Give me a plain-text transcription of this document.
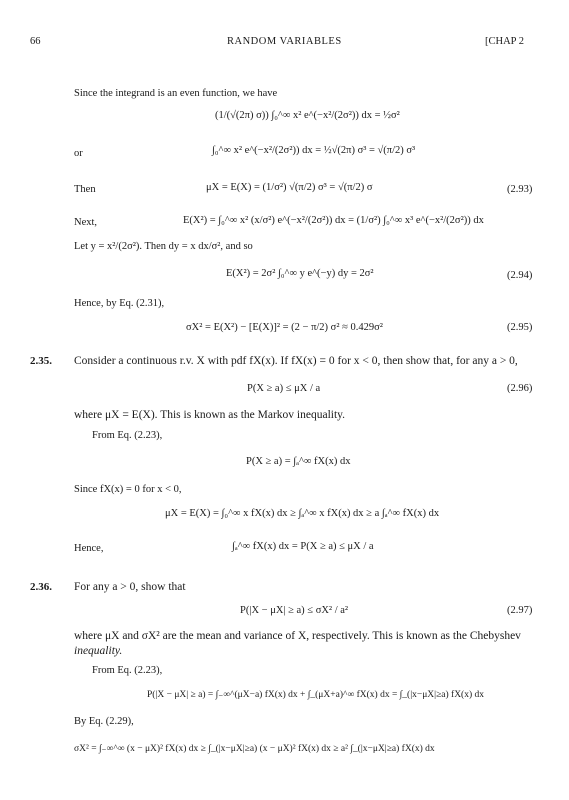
66	RANDOM VARIABLES	[CHAP 2
Since the integrand is an even function, we have
(1/(√(2π) σ)) ∫₀^∞ x² e^(−x²/(2σ²)) dx = ½σ²
or	∫₀^∞ x² e^(−x²/(2σ²)) dx = ½√(2π) σ³ = √(π/2) σ³
Then	μX = E(X) = (1/σ²) √(π/2) σ³ = √(π/2) σ	(2.93)
Next,	E(X²) = ∫₀^∞ x² (x/σ²) e^(−x²/(2σ²)) dx = (1/σ²) ∫₀^∞ x³ e^(−x²/(2σ²)) dx
Let y = x²/(2σ²). Then dy = x dx/σ², and so
E(X²) = 2σ² ∫₀^∞ y e^(−y) dy = 2σ²	(2.94)
Hence, by Eq. (2.31),
σX² = E(X²) − [E(X)]² = (2 − π/2) σ² ≈ 0.429σ²	(2.95)
2.35. Consider a continuous r.v. X with pdf fX(x). If fX(x) = 0 for x < 0, then show that, for any a > 0,
P(X ≥ a) ≤ μX / a	(2.96)
where μX = E(X). This is known as the Markov inequality.
From Eq. (2.23),
P(X ≥ a) = ∫ₐ^∞ fX(x) dx
Since fX(x) = 0 for x < 0,
μX = E(X) = ∫₀^∞ x fX(x) dx ≥ ∫ₐ^∞ x fX(x) dx ≥ a ∫ₐ^∞ fX(x) dx
Hence,	∫ₐ^∞ fX(x) dx = P(X ≥ a) ≤ μX / a
2.36. For any a > 0, show that
P(|X − μX| ≥ a) ≤ σX² / a²	(2.97)
where μX and σX² are the mean and variance of X, respectively. This is known as the Chebyshev
inequality.
From Eq. (2.23),
P(|X − μX| ≥ a) = ∫₋∞^(μX−a) fX(x) dx + ∫_(μX+a)^∞ fX(x) dx = ∫_(|x−μX|≥a) fX(x) dx
By Eq. (2.29),
σX² = ∫₋∞^∞ (x − μX)² fX(x) dx ≥ ∫_(|x−μX|≥a) (x − μX)² fX(x) dx ≥ a² ∫_(|x−μX|≥a) fX(x) dx
